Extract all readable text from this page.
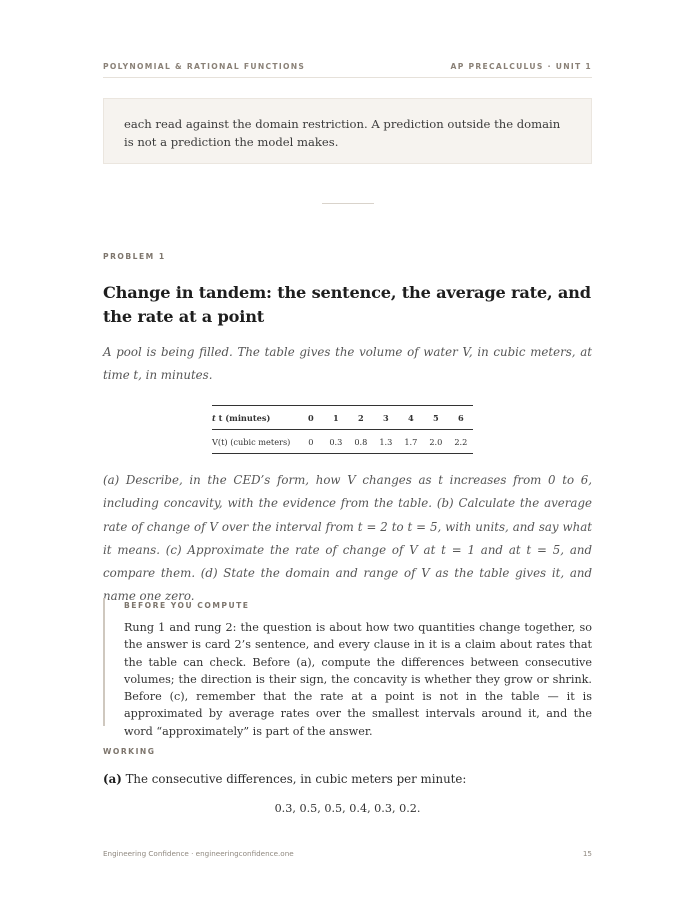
POLYNOMIAL & RATIONAL FUNCTIONS	AP PRECALCULUS · UNIT 1
each read against the domain restriction. A prediction outside the domain is not a prediction the model makes.
PROBLEM 1
Change in tandem: the sentence, the average rate, and the rate at a point
A pool is being filled. The table gives the volume of water V, in cubic meters, at time t, in minutes.
t t (minutes)	0	1	2	3	4	5	6
V(t) (cubic meters)	0	0.3	0.8	1.3	1.7	2.0	2.2
(a) Describe, in the CED’s form, how V changes as t increases from 0 to 6, including concavity, with the evidence from the table. (b) Calculate the average rate of change of V over the interval from t = 2 to t = 5, with units, and say what it means. (c) Approximate the rate of change of V at t = 1 and at t = 5, and compare them. (d) State the domain and range of V as the table gives it, and name one zero.
BEFORE YOU COMPUTE
Rung 1 and rung 2: the question is about how two quantities change together, so the answer is card 2’s sentence, and every clause in it is a claim about rates that the table can check. Before (a), compute the differences between consecutive volumes; the direction is their sign, the concavity is whether they grow or shrink. Before (c), remember that the rate at a point is not in the table — it is approximated by average rates over the smallest intervals around it, and the word “approximately” is part of the answer.
WORKING
(a) The consecutive differences, in cubic meters per minute:
0.3, 0.5, 0.5, 0.4, 0.3, 0.2.
Engineering Confidence · engineeringconfidence.one	15
